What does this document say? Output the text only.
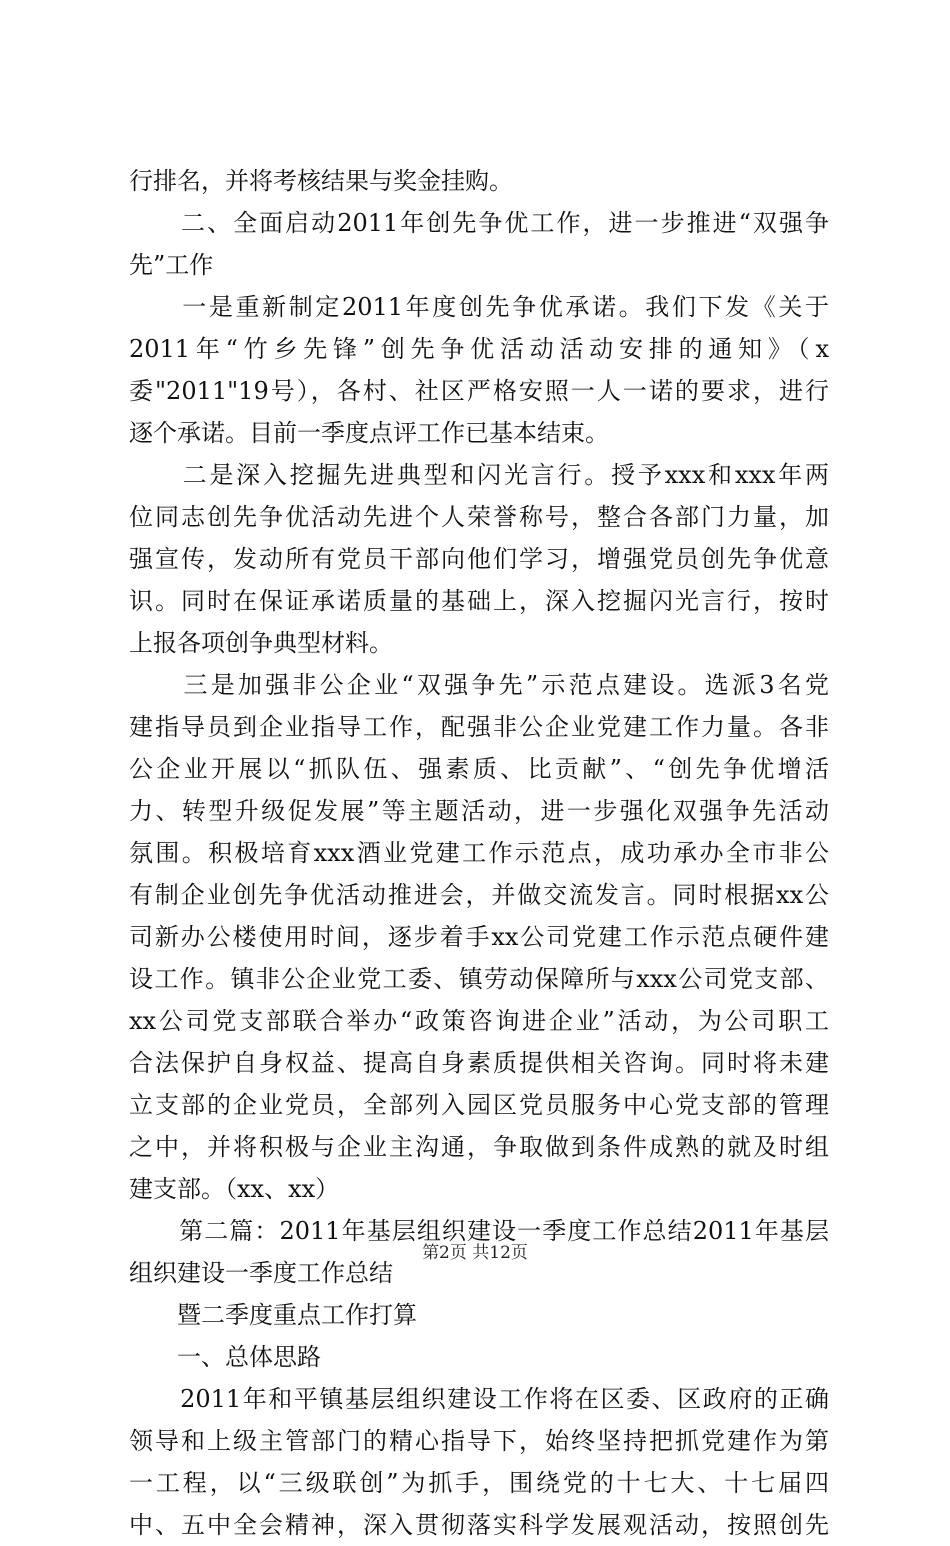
行排名，并将考核结果与奖金挂购。
　　二、全面启动2011年创先争优工作，进一步推进“双强争
先”工作
　　一是重新制定2011年度创先争优承诺。我们下发《关于
2011年“竹乡先锋”创先争优活动活动安排的通知》（x
委"2011"19号），各村、社区严格安照一人一诺的要求，进行
逐个承诺。目前一季度点评工作已基本结束。
　　二是深入挖掘先进典型和闪光言行。授予xxx和xxx年两
位同志创先争优活动先进个人荣誉称号，整合各部门力量，加
强宣传，发动所有党员干部向他们学习，增强党员创先争优意
识。同时在保证承诺质量的基础上，深入挖掘闪光言行，按时
上报各项创争典型材料。
　　三是加强非公企业“双强争先”示范点建设。选派3名党
建指导员到企业指导工作，配强非公企业党建工作力量。各非
公企业开展以“抓队伍、强素质、比贡献”、“创先争优增活
力、转型升级促发展”等主题活动，进一步强化双强争先活动
氛围。积极培育xxx酒业党建工作示范点，成功承办全市非公
有制企业创先争优活动推进会，并做交流发言。同时根据xx公
司新办公楼使用时间，逐步着手xx公司党建工作示范点硬件建
设工作。镇非公企业党工委、镇劳动保障所与xxx公司党支部、
xx公司党支部联合举办“政策咨询进企业”活动，为公司职工
合法保护自身权益、提高自身素质提供相关咨询。同时将未建
立支部的企业党员，全部列入园区党员服务中心党支部的管理
之中，并将积极与企业主沟通，争取做到条件成熟的就及时组
建支部。（xx、xx）
　　第二篇：2011年基层组织建设一季度工作总结2011年基层
组织建设一季度工作总结
　　暨二季度重点工作打算
　　一、总体思路
　　2011年和平镇基层组织建设工作将在区委、区政府的正确
领导和上级主管部门的精心指导下，始终坚持把抓党建作为第
一工程，以“三级联创”为抓手，围绕党的十七大、十七届四
中、五中全会精神，深入贯彻落实科学发展观活动，按照创先
第2页 共12页
